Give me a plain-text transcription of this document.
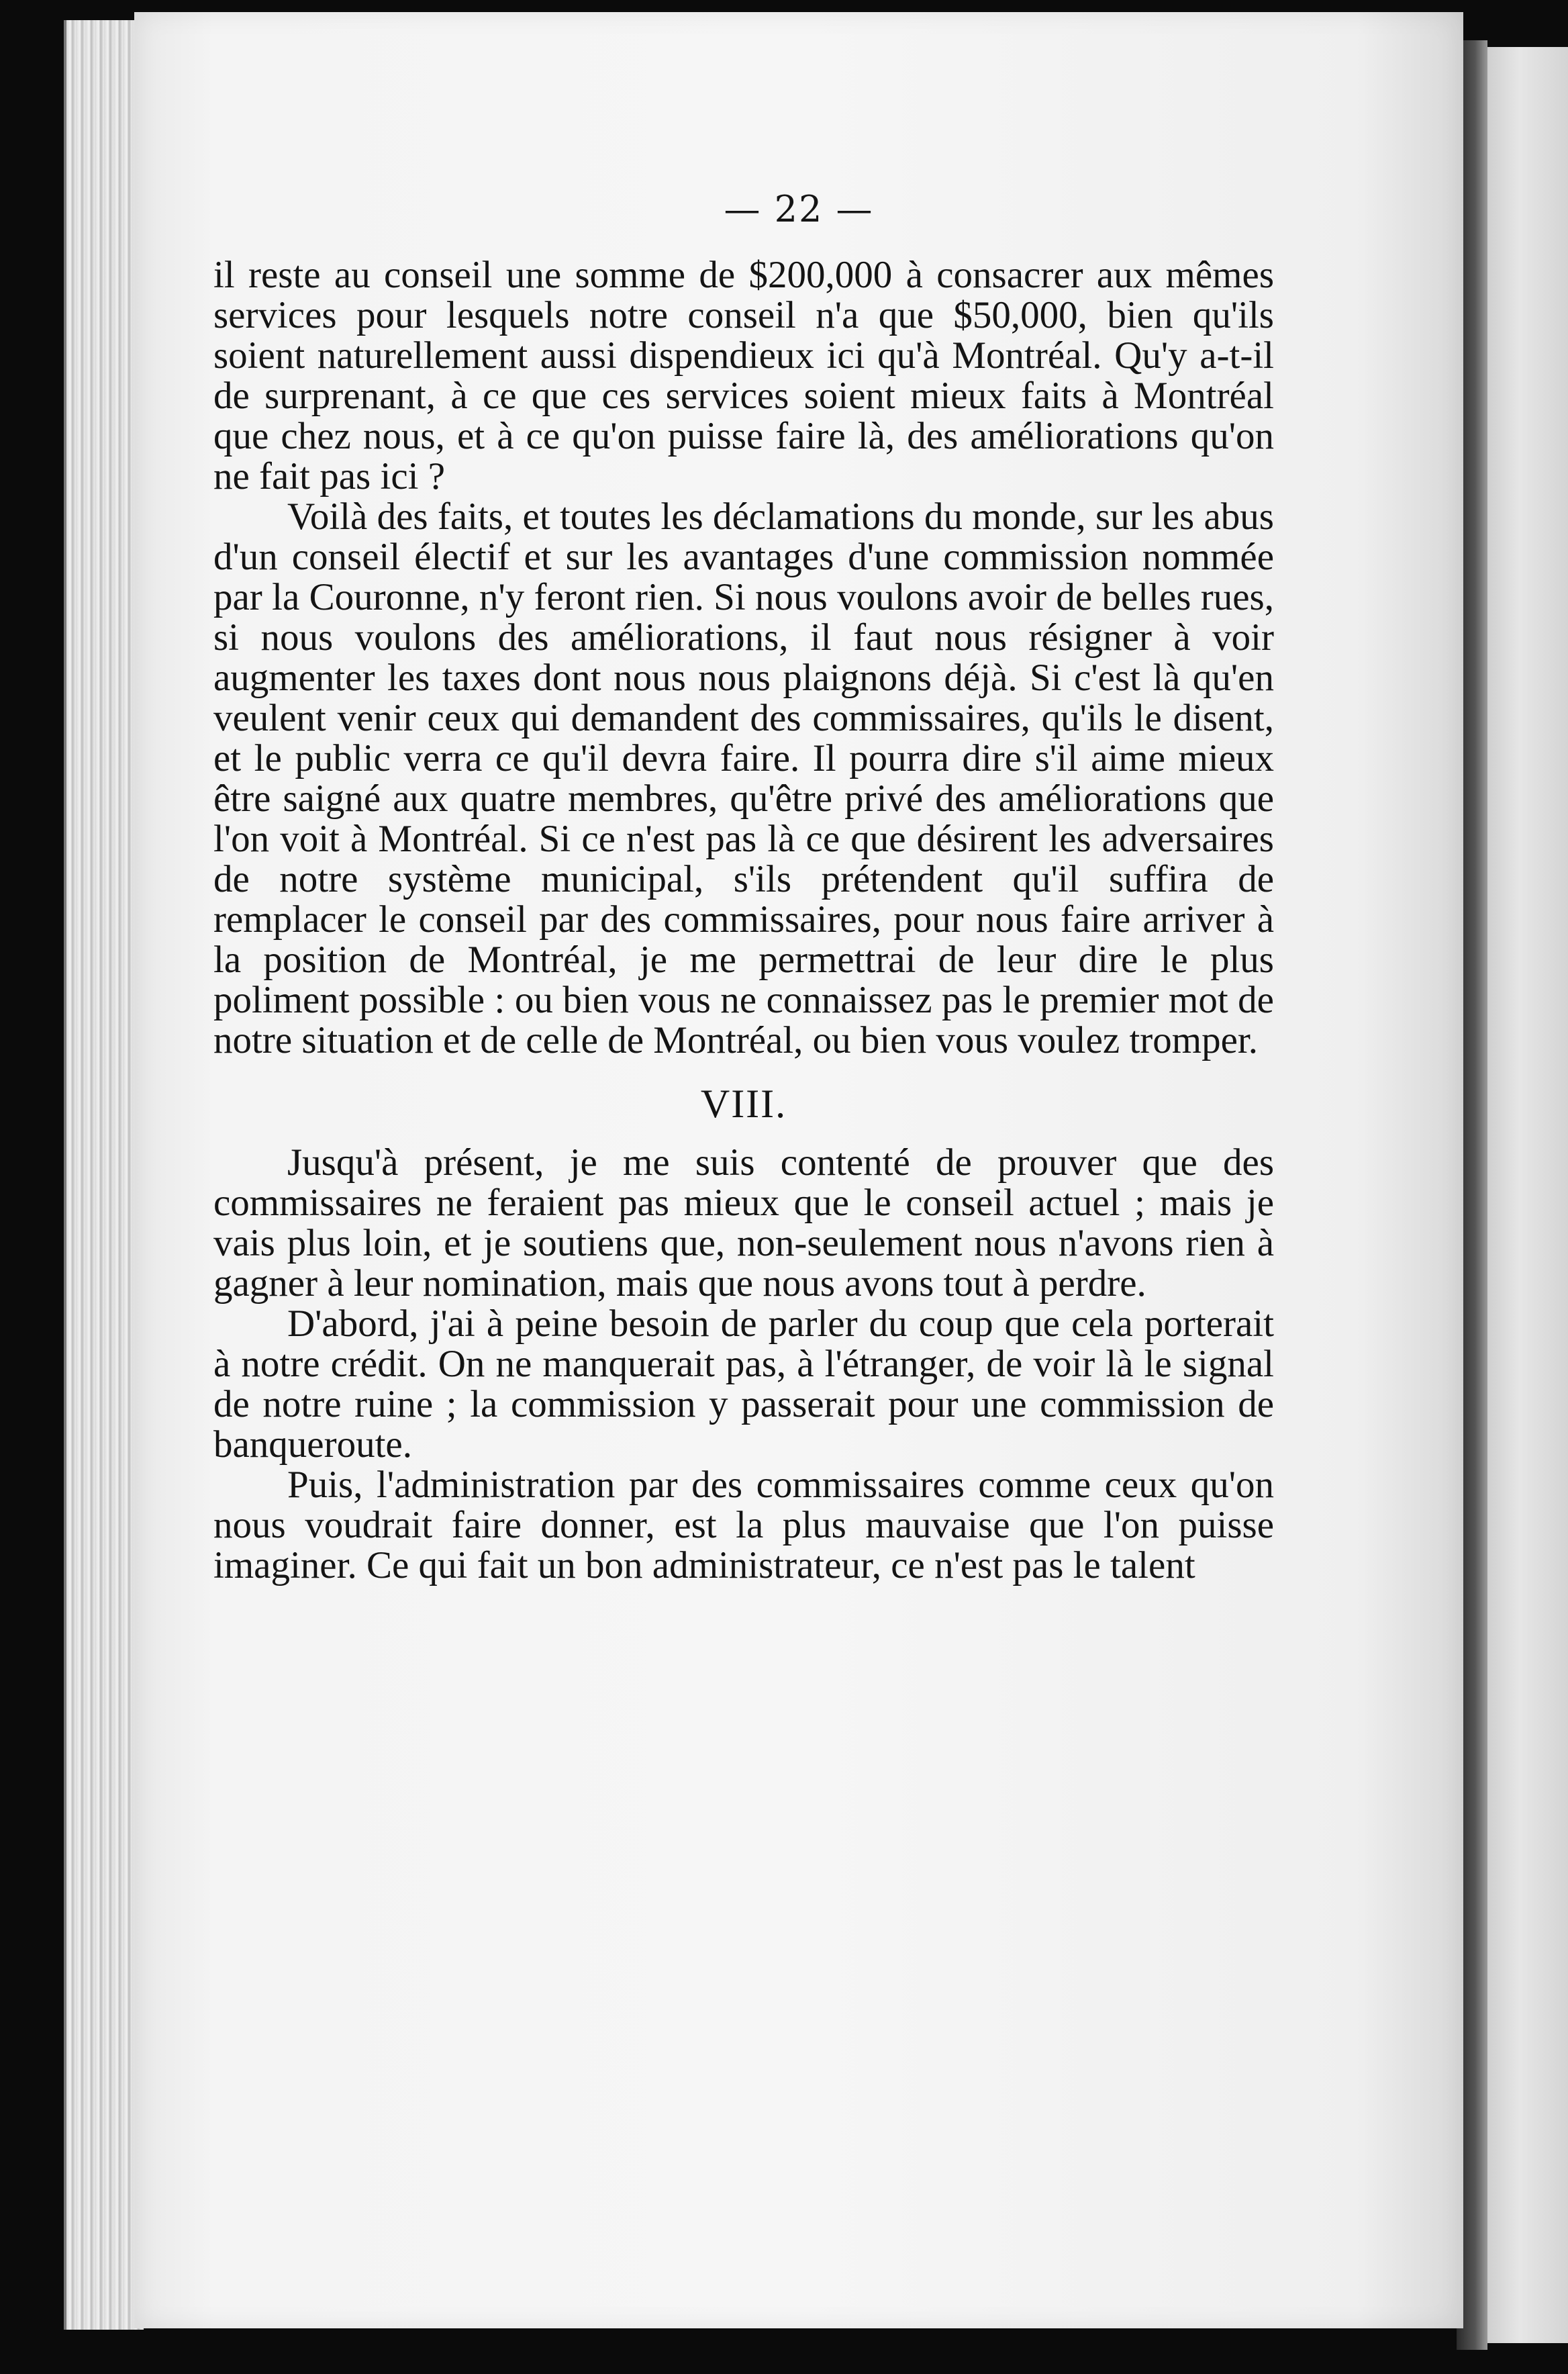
— 22 —

il reste au conseil une somme de $200,000 à consacrer aux mêmes services pour lesquels notre conseil n'a que $50,000, bien qu'ils soient naturellement aussi dispendieux ici qu'à Montréal. Qu'y a-t-il de surprenant, à ce que ces services soient mieux faits à Montréal que chez nous, et à ce qu'on puisse faire là, des améliorations qu'on ne fait pas ici ?

Voilà des faits, et toutes les déclamations du monde, sur les abus d'un conseil électif et sur les avantages d'une commission nommée par la Couronne, n'y feront rien. Si nous voulons avoir de belles rues, si nous voulons des améliorations, il faut nous résigner à voir augmenter les taxes dont nous nous plaignons déjà. Si c'est là qu'en veulent venir ceux qui demandent des commissaires, qu'ils le disent, et le public verra ce qu'il devra faire. Il pourra dire s'il aime mieux être saigné aux quatre membres, qu'être privé des améliorations que l'on voit à Montréal. Si ce n'est pas là ce que désirent les adversaires de notre système municipal, s'ils prétendent qu'il suffira de remplacer le conseil par des commissaires, pour nous faire arriver à la position de Montréal, je me permettrai de leur dire le plus poliment possible : ou bien vous ne connaissez pas le premier mot de notre situation et de celle de Montréal, ou bien vous voulez tromper.

VIII.

Jusqu'à présent, je me suis contenté de prouver que des commissaires ne feraient pas mieux que le conseil actuel ; mais je vais plus loin, et je soutiens que, non-seulement nous n'avons rien à gagner à leur nomination, mais que nous avons tout à perdre.

D'abord, j'ai à peine besoin de parler du coup que cela porterait à notre crédit. On ne manquerait pas, à l'étranger, de voir là le signal de notre ruine ; la commission y passerait pour une commission de banqueroute.

Puis, l'administration par des commissaires comme ceux qu'on nous voudrait faire donner, est la plus mauvaise que l'on puisse imaginer. Ce qui fait un bon administrateur, ce n'est pas le talent
